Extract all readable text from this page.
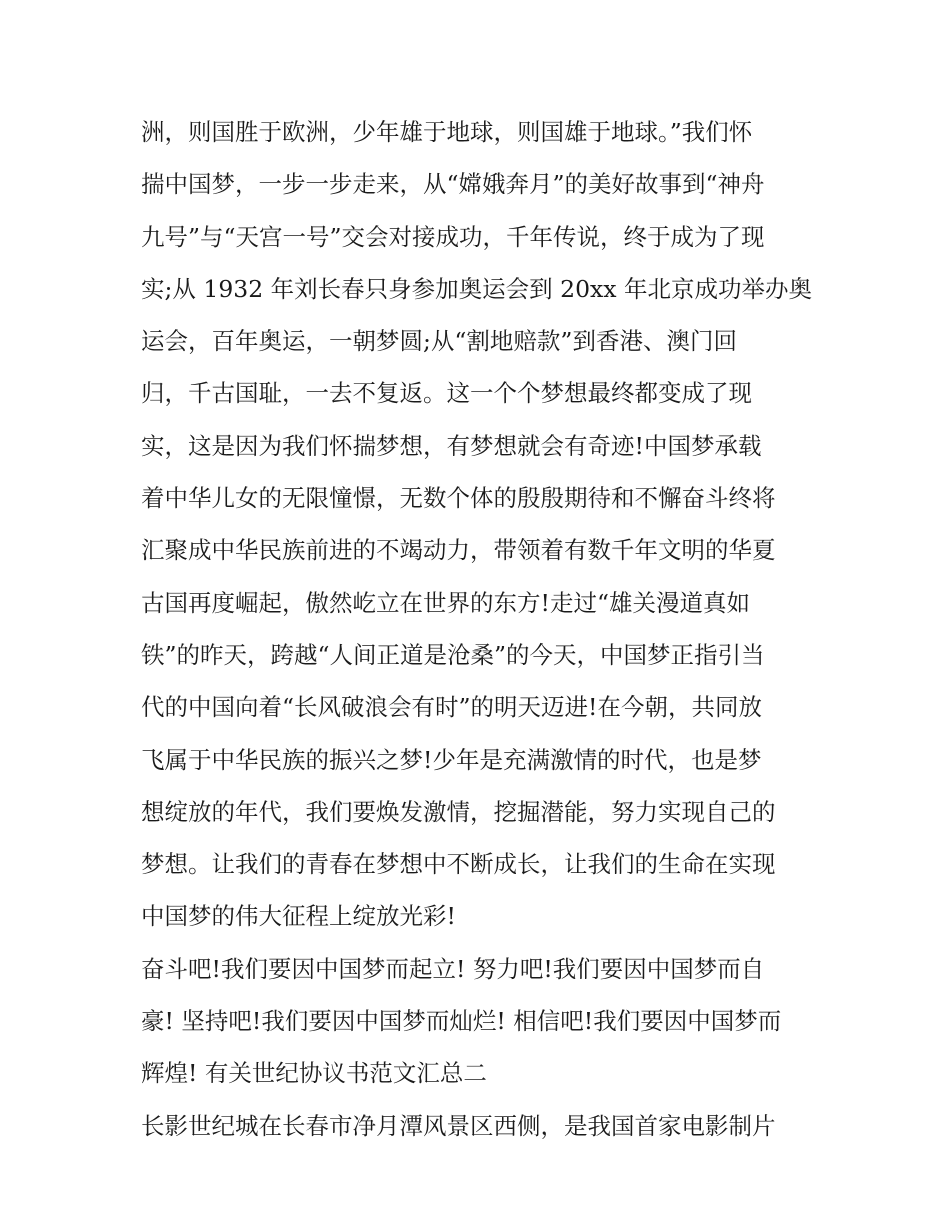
洲，则国胜于欧洲，少年雄于地球，则国雄于地球。”我们怀
揣中国梦，一步一步走来，从“嫦娥奔月”的美好故事到“神舟
九号”与“天宫一号”交会对接成功，千年传说，终于成为了现
实;从 1932 年刘长春只身参加奥运会到 20xx 年北京成功举办奥
运会，百年奥运，一朝梦圆;从“割地赔款”到香港、澳门回
归，千古国耻，一去不复返。这一个个梦想最终都变成了现
实，这是因为我们怀揣梦想，有梦想就会有奇迹!中国梦承载
着中华儿女的无限憧憬，无数个体的殷殷期待和不懈奋斗终将
汇聚成中华民族前进的不竭动力，带领着有数千年文明的华夏
古国再度崛起，傲然屹立在世界的东方!走过“雄关漫道真如
铁”的昨天，跨越“人间正道是沧桑”的今天，中国梦正指引当
代的中国向着“长风破浪会有时”的明天迈进!在今朝，共同放
飞属于中华民族的振兴之梦!少年是充满激情的时代，也是梦
想绽放的年代，我们要焕发激情，挖掘潜能，努力实现自己的
梦想。让我们的青春在梦想中不断成长，让我们的生命在实现
中国梦的伟大征程上绽放光彩!
奋斗吧!我们要因中国梦而起立! 努力吧!我们要因中国梦而自
豪! 坚持吧!我们要因中国梦而灿烂! 相信吧!我们要因中国梦而
辉煌! 有关世纪协议书范文汇总二
长影世纪城在长春市净月潭风景区西侧，是我国首家电影制片
